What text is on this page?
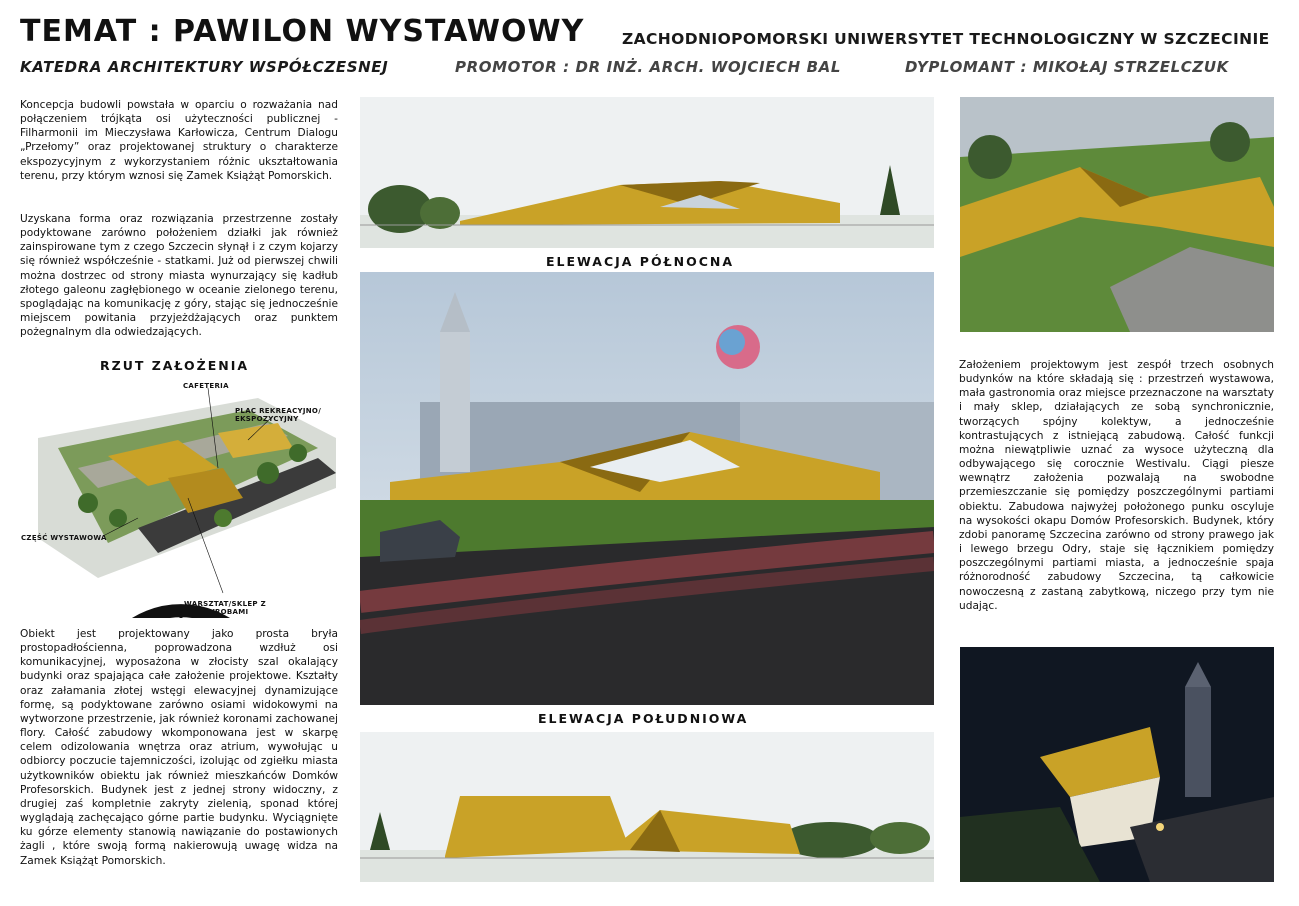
TEMAT : PAWILON WYSTAWOWY ZACHODNIOPOMORSKI UNIWERSYTET TECHNOLOGICZNY W SZCZECINIE
KATEDRA ARCHITEKTURY WSPÓŁCZESNEJ	PROMOTOR : DR INŻ. ARCH. WOJCIECH BAL	DYPLOMANT : MIKOŁAJ STRZELCZUK

Koncepcja budowli powstała w oparciu o rozważania nad połączeniem trójkąta osi użyteczności publicznej - Filharmonii im Mieczysława Karłowicza, Centrum Dialogu „Przełomy” oraz projektowanej struktury o charakterze ekspozycyjnym z wykorzystaniem różnic ukształtowania terenu, przy którym wznosi się Zamek Książąt Pomorskich.

Uzyskana forma oraz rozwiązania przestrzenne zostały podyktowane zarówno położeniem działki jak również zainspirowane tym z czego Szczecin słynął i z czym kojarzy się również współcześnie - statkami. Już od pierwszej chwili można dostrzec od strony miasta wynurzający się kadłub złotego galeonu zagłębionego w oceanie zielonego terenu, spoglądając na komunikację z góry, stając się jednocześnie miejscem powitania przyjeżdżających oraz punktem pożegnalnym dla odwiedzających.

Obiekt jest projektowany jako prosta bryła prostopadłościenna, poprowadzona wzdłuż osi komunikacyjnej, wyposażona w złocisty szal okalający budynki oraz spajająca całe założenie projektowe. Kształty oraz załamania złotej wstęgi elewacyjnej dynamizujące formę, są podyktowane zarówno osiami widokowymi na wytworzone przestrzenie, jak również koronami zachowanej flory. Całość zabudowy wkomponowana jest w skarpę celem odizolowania wnętrza oraz atrium, wywołując u odbiorcy poczucie tajemniczości, izolując od zgiełku miasta użytkowników obiektu jak również mieszkańców Domków Profesorskich. Budynek jest z jednej strony widoczny, z drugiej zaś kompletnie zakryty zielenią, sponad której wyglądają zachęcająco górne partie budynku. Wyciągnięte ku górze elementy stanowią nawiązanie do postawionych żagli , które swoją formą nakierowują uwagę widza na Zamek Książąt Pomorskich.

Założeniem projektowym jest zespół trzech osobnych budynków na które składają się : przestrzeń wystawowa, mała gastronomia oraz miejsce przeznaczone na warsztaty i mały sklep, działających ze sobą synchronicznie, tworzących spójny kolektyw, a jednocześnie kontrastujących z istniejącą zabudową. Całość funkcji można niewątpliwie uznać za wysoce użyteczną dla odbywającego się corocznie Westivalu. Ciągi piesze wewnątrz założenia pozwalają na swobodne przemieszczanie się pomiędzy poszczególnymi partiami obiektu. Zabudowa najwyżej położonego punku oscyluje na wysokości okapu Domów Profesorskich. Budynek, który zdobi panoramę Szczecina zarówno od strony prawego jak i lewego brzegu Odry, staje się łącznikiem pomiędzy poszczególnymi partiami miasta, a jednocześnie spaja różnorodność zabudowy Szczecina, tą całkowicie nowoczesną z zastaną zabytkową, niczego przy tym nie udając.

RZUT ZAŁOŻENIA
ELEWACJA PÓŁNOCNA
ELEWACJA POŁUDNIOWA
CAFETERIA
PLAC REKREACYJNO/ EKSPOZYCYJNY
CZĘŚĆ WYSTAWOWA
WARSZTAT/SKLEP Z WYROBAMI
